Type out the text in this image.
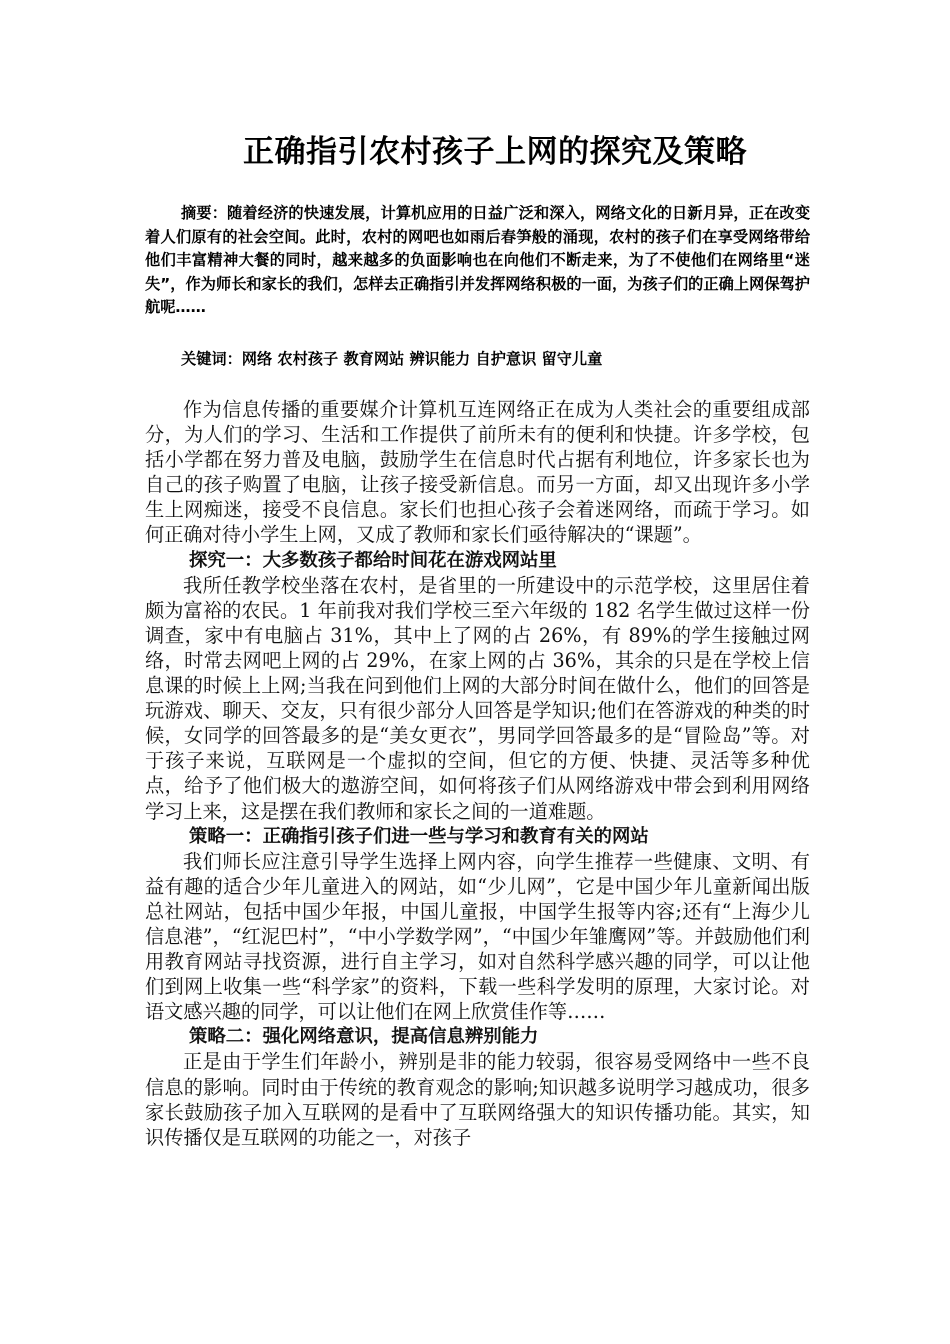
正确指引农村孩子上网的探究及策略

摘要：随着经济的快速发展，计算机应用的日益广泛和深入，网络文化的日新月异，正在改变着人们原有的社会空间。此时，农村的网吧也如雨后春笋般的涌现，农村的孩子们在享受网络带给他们丰富精神大餐的同时，越来越多的负面影响也在向他们不断走来，为了不使他们在网络里“迷失”，作为师长和家长的我们，怎样去正确指引并发挥网络积极的一面，为孩子们的正确上网保驾护航呢……

关键词：网络 农村孩子 教育网站 辨识能力 自护意识 留守儿童

作为信息传播的重要媒介计算机互连网络正在成为人类社会的重要组成部分，为人们的学习、生活和工作提供了前所未有的便利和快捷。许多学校，包括小学都在努力普及电脑，鼓励学生在信息时代占据有利地位，许多家长也为自己的孩子购置了电脑，让孩子接受新信息。而另一方面，却又出现许多小学生上网痴迷，接受不良信息。家长们也担心孩子会着迷网络，而疏于学习。如何正确对待小学生上网，又成了教师和家长们亟待解决的“课题”。

探究一：大多数孩子都给时间花在游戏网站里

我所任教学校坐落在农村，是省里的一所建设中的示范学校，这里居住着颇为富裕的农民。1 年前我对我们学校三至六年级的 182 名学生做过这样一份调查，家中有电脑占 31%，其中上了网的占 26%，有 89%的学生接触过网络，时常去网吧上网的占 29%，在家上网的占 36%，其余的只是在学校上信息课的时候上上网;当我在问到他们上网的大部分时间在做什么，他们的回答是玩游戏、聊天、交友，只有很少部分人回答是学知识;他们在答游戏的种类的时候，女同学的回答最多的是“美女更衣”，男同学回答最多的是“冒险岛”等。对于孩子来说，互联网是一个虚拟的空间，但它的方便、快捷、灵活等多种优点，给予了他们极大的遨游空间，如何将孩子们从网络游戏中带会到利用网络学习上来，这是摆在我们教师和家长之间的一道难题。

策略一：正确指引孩子们进一些与学习和教育有关的网站

我们师长应注意引导学生选择上网内容，向学生推荐一些健康、文明、有益有趣的适合少年儿童进入的网站，如“少儿网”，它是中国少年儿童新闻出版总社网站，包括中国少年报，中国儿童报，中国学生报等内容;还有“上海少儿信息港”，“红泥巴村”，“中小学数学网”，“中国少年雏鹰网”等。并鼓励他们利用教育网站寻找资源，进行自主学习，如对自然科学感兴趣的同学，可以让他们到网上收集一些“科学家”的资料，下载一些科学发明的原理，大家讨论。对语文感兴趣的同学，可以让他们在网上欣赏佳作等……

策略二：强化网络意识，提高信息辨别能力

正是由于学生们年龄小，辨别是非的能力较弱，很容易受网络中一些不良信息的影响。同时由于传统的教育观念的影响;知识越多说明学习越成功，很多家长鼓励孩子加入互联网的是看中了互联网络强大的知识传播功能。其实，知识传播仅是互联网的功能之一，对孩子
